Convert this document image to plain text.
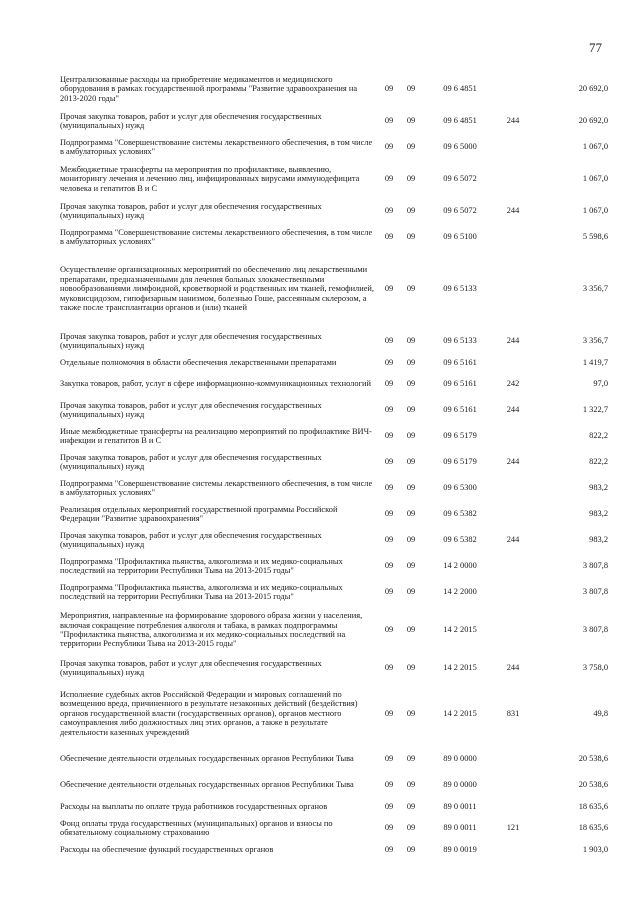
77
Централизованные расходы на приобретение медикаментов и медицинского оборудования в рамках государственной программы "Развитие здравоохранения на 2013-2020 годы"	09	09	09 6 4851		20 692,0
Прочая закупка товаров, работ и услуг для обеспечения государственных (муниципальных) нужд	09	09	09 6 4851	244	20 692,0
Подпрограмма "Совершенствование системы лекарственного обеспечения, в том числе в амбулаторных условиях"	09	09	09 6 5000		1 067,0
Межбюджетные трансферты на мероприятия по профилактике, выявлению, мониторингу лечения и лечению лиц, инфицированных вирусами иммунодефицита человека и гепатитов В и С	09	09	09 6 5072		1 067,0
Прочая закупка товаров, работ и услуг для обеспечения государственных (муниципальных) нужд	09	09	09 6 5072	244	1 067,0
Подпрограмма "Совершенствование системы лекарственного обеспечения, в том числе в амбулаторных условиях"	09	09	09 6 5100		5 598,6
Осуществление организационных мероприятий по обеспечению лиц лекарственными препаратами, предназначенными для лечения больных злокачественными новообразованиями лимфоидной, кроветворной и родственных им тканей, гемофилией, муковисцидозом, гипофизарным нанизмом, болезнью Гоше, рассеянным склерозом, а также после трансплантации органов и (или) тканей	09	09	09 6 5133		3 356,7
Прочая закупка товаров, работ и услуг для обеспечения государственных (муниципальных) нужд	09	09	09 6 5133	244	3 356,7
Отдельные полномочия в области обеспечения лекарственными препаратами	09	09	09 6 5161		1 419,7
Закупка товаров, работ, услуг в сфере информационно-коммуникационных технологий	09	09	09 6 5161	242	97,0
Прочая закупка товаров, работ и услуг для обеспечения государственных (муниципальных) нужд	09	09	09 6 5161	244	1 322,7
Иные межбюджетные трансферты на реализацию мероприятий по профилактике ВИЧ-инфекции и гепатитов В и С	09	09	09 6 5179		822,2
Прочая закупка товаров, работ и услуг для обеспечения государственных (муниципальных) нужд	09	09	09 6 5179	244	822,2
Подпрограмма "Совершенствование системы лекарственного обеспечения, в том числе в амбулаторных условиях"	09	09	09 6 5300		983,2
Реализация отдельных мероприятий государственной программы Российской Федерации "Развитие здравоохранения"	09	09	09 6 5382		983,2
Прочая закупка товаров, работ и услуг для обеспечения государственных (муниципальных) нужд	09	09	09 6 5382	244	983,2
Подпрограмма "Профилактика пьянства, алкоголизма и их медико-социальных последствий на территории Республики Тыва на 2013-2015 годы"	09	09	14 2 0000		3 807,8
Подпрограмма "Профилактика пьянства, алкоголизма и их медико-социальных последствий на территории Республики Тыва на 2013-2015 годы"	09	09	14 2 2000		3 807,8
Мероприятия, направленные на формирование здорового образа жизни у населения, включая сокращение потребления алкоголя и табака, в рамках подпрограммы "Профилактика пьянства, алкоголизма и их медико-социальных последствий на территории Республики Тыва на 2013-2015 годы"	09	09	14 2 2015		3 807,8
Прочая закупка товаров, работ и услуг для обеспечения государственных (муниципальных) нужд	09	09	14 2 2015	244	3 758,0
Исполнение судебных актов Российской Федерации и мировых соглашений по возмещению вреда, причиненного в результате незаконных действий (бездействия) органов государственной власти (государственных органов), органов местного самоуправления либо должностных лиц этих органов, а также в результате деятельности казенных учреждений	09	09	14 2 2015	831	49,8
Обеспечение деятельности отдельных государственных органов Республики Тыва	09	09	89 0 0000		20 538,6
Обеспечение деятельности отдельных государственных органов Республики Тыва	09	09	89 0 0000		20 538,6
Расходы на выплаты по оплате труда работников государственных органов	09	09	89 0 0011		18 635,6
Фонд оплаты труда государственных (муниципальных) органов и взносы по обязательному социальному страхованию	09	09	89 0 0011	121	18 635,6
Расходы на обеспечение функций государственных органов	09	09	89 0 0019		1 903,0
